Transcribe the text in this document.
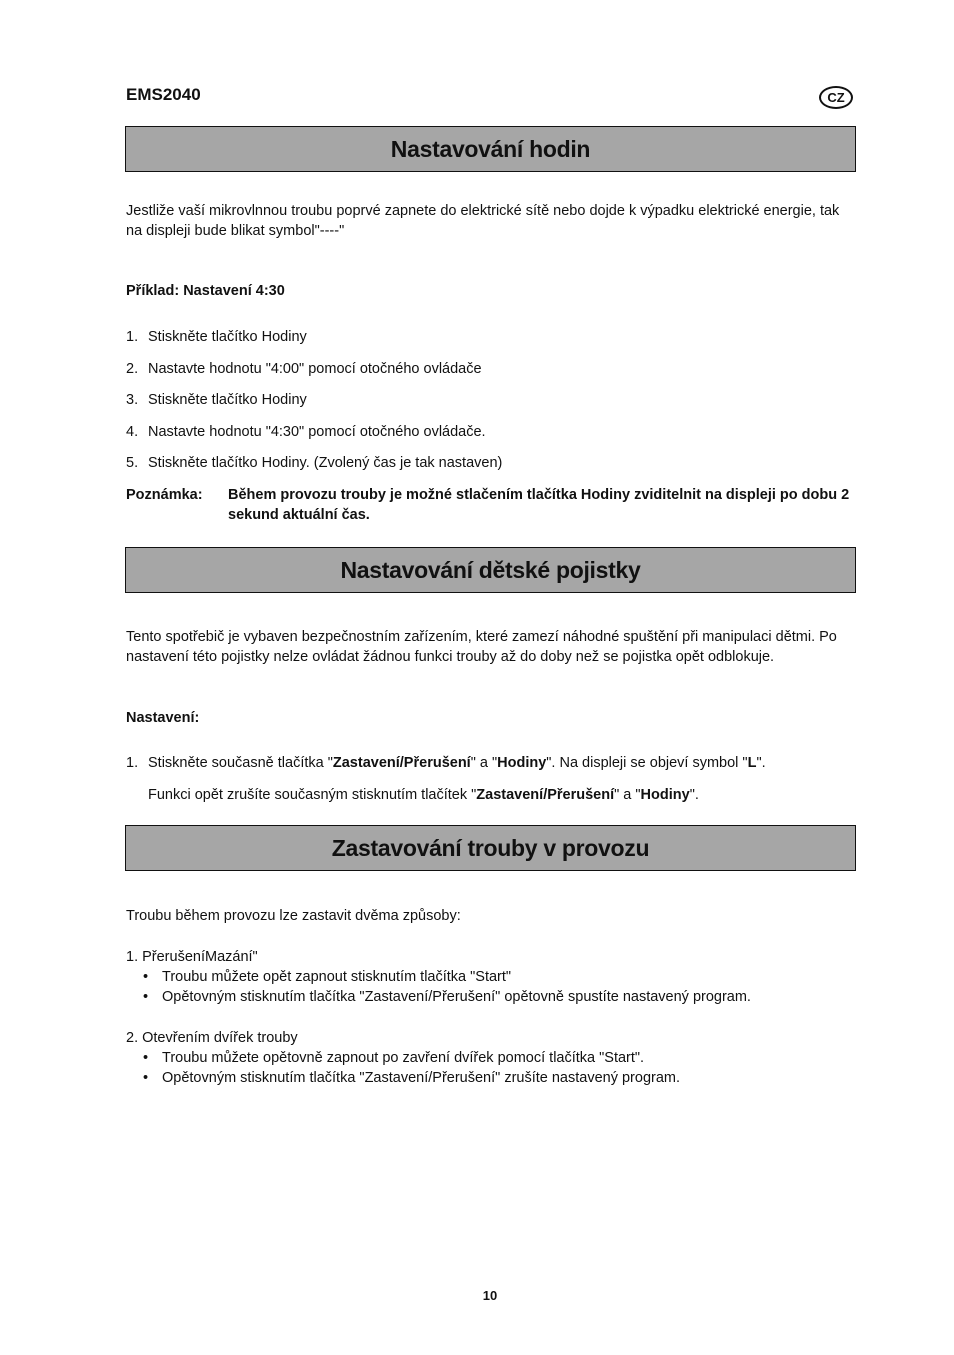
EMS2040	CZ
Nastavování hodin
Jestliže vaší mikrovlnnou troubu poprvé zapnete do elektrické sítě nebo dojde k výpadku elektrické energie, tak na displeji bude blikat symbol"----"
Příklad: Nastavení 4:30
1. Stiskněte tlačítko Hodiny
2. Nastavte hodnotu "4:00" pomocí otočného ovládače
3. Stiskněte tlačítko Hodiny
4. Nastavte hodnotu "4:30" pomocí otočného ovládače.
5. Stiskněte tlačítko Hodiny. (Zvolený čas je tak nastaven)
Poznámka: Během provozu trouby je možné stlačením tlačítka Hodiny zviditelnit na displeji po dobu 2 sekund aktuální čas.
Nastavování dětské pojistky
Tento spotřebič je vybaven bezpečnostním zařízením, které zamezí náhodné spuštění při manipulaci dětmi. Po nastavení této pojistky nelze ovládat žádnou funkci trouby až do doby než se pojistka opět odblokuje.
Nastavení:
1. Stiskněte současně tlačítka "Zastavení/Přerušení" a "Hodiny". Na displeji se objeví symbol "L".
Funkci opět zrušíte současným stisknutím tlačítek "Zastavení/Přerušení" a "Hodiny".
Zastavování trouby v provozu
Troubu během provozu lze zastavit dvěma způsoby:
1. PřerušeníMazání"
• Troubu můžete opět zapnout stisknutím tlačítka "Start"
• Opětovným stisknutím tlačítka "Zastavení/Přerušení" opětovně spustíte nastavený program.
2. Otevřením dvířek trouby
• Troubu můžete opětovně zapnout po zavření dvířek pomocí tlačítka "Start".
• Opětovným stisknutím tlačítka "Zastavení/Přerušení" zrušíte nastavený program.
10
